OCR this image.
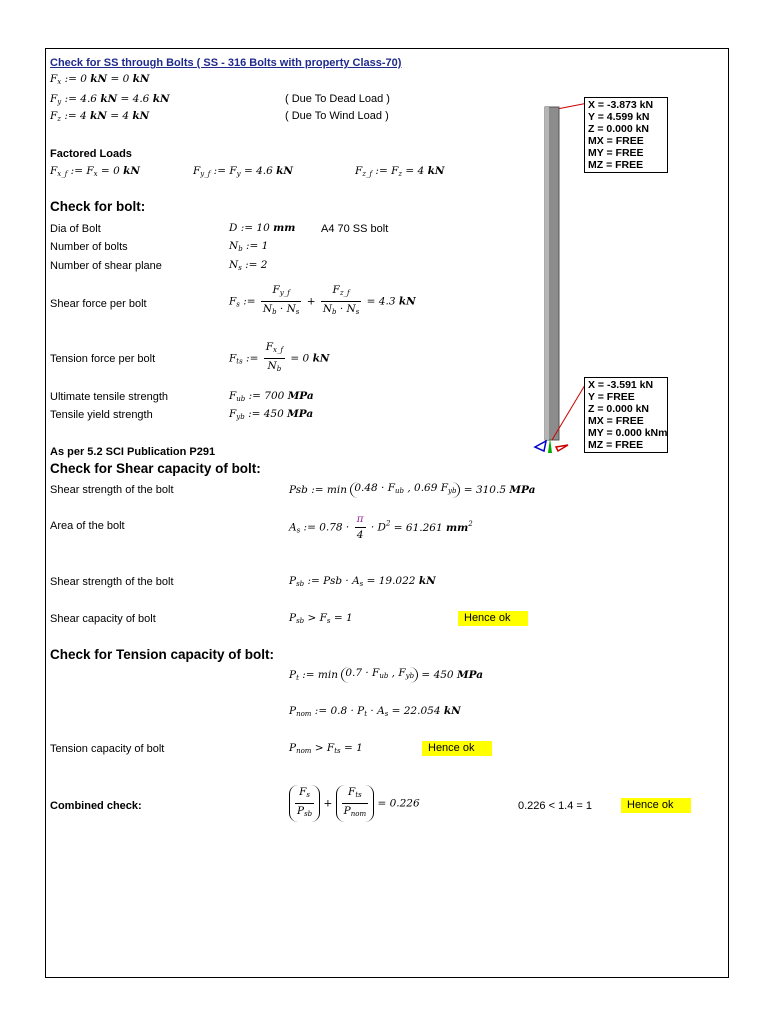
Check for SS through Bolts ( SS - 316 Bolts with property Class-70)
$F_x$ := 0 kN = 0 kN
$F_y$ := 4.6 kN = 4.6 kN	( Due To Dead Load )
$F_z$ := 4 kN = 4 kN	( Due To Wind Load )
Factored Loads
$F_{x\_f}$ := $F_x = 0$ kN	$F_{y\_f}$ := $F_y = 4.6$ kN	$F_{z\_f}$ := $F_z = 4$ kN
Check for bolt:
Dia of Bolt	D := 10 mm A4 70 SS bolt
Number of bolts	$N_b$ := 1
Number of shear plane	$N_s$ := 2
Shear force per bolt	$F_s$ := $\frac{F_{y\_f}}{N_b \cdot N_s} + \frac{F_{z\_f}}{N_b \cdot N_s} = 4.3$ kN
Tension force per bolt	$F_{ts}$ := $\frac{F_{x\_f}}{N_b} = 0$ kN
Ultimate tensile strength	$F_{ub}$ := 700 MPa
Tensile yield strength	$F_{yb}$ := 450 MPa
As per 5.2 SCI Publication P291
Check for Shear capacity of bolt:
Shear strength of the bolt	Psb := $\min 0.48 \cdot F_{ub}$ , 0.69 $F_{yb} = 310.5$ MPa
Area of the bolt	$A_s$ := $0.78 \cdot \frac{\pi}{4} \cdot D^2 = 61.261$ $mm^2$
Shear strength of the bolt	$P_{sb}$ := Psb · $A_s = 19.022$ kN
Shear capacity of bolt	$P_{sb} > F_s = 1$	Hence ok
Check for Tension capacity of bolt:
$P_t$ := $\min 0.7 \cdot F_{ub}$ , $F_{yb} = 450$ MPa
$P_{nom}$ := $0.8 \cdot P_t \cdot A_s = 22.054$ kN
Tension capacity of bolt	$P_{nom} > F_{ts} = 1$	Hence ok
Combined check:	$\frac{F_s}{P_{sb}} + \frac{F_{ts}}{P_{nom}} = 0.226$	0.226 < 1.4 = 1	Hence ok
X = -3.873 kN
Y = 4.599 kN
Z = 0.000 kN
MX = FREE
MY = FREE
MZ = FREE
X = -3.591 kN
Y = FREE
Z = 0.000 kN
MX = FREE
MY = 0.000 kNm
MZ = FREE
